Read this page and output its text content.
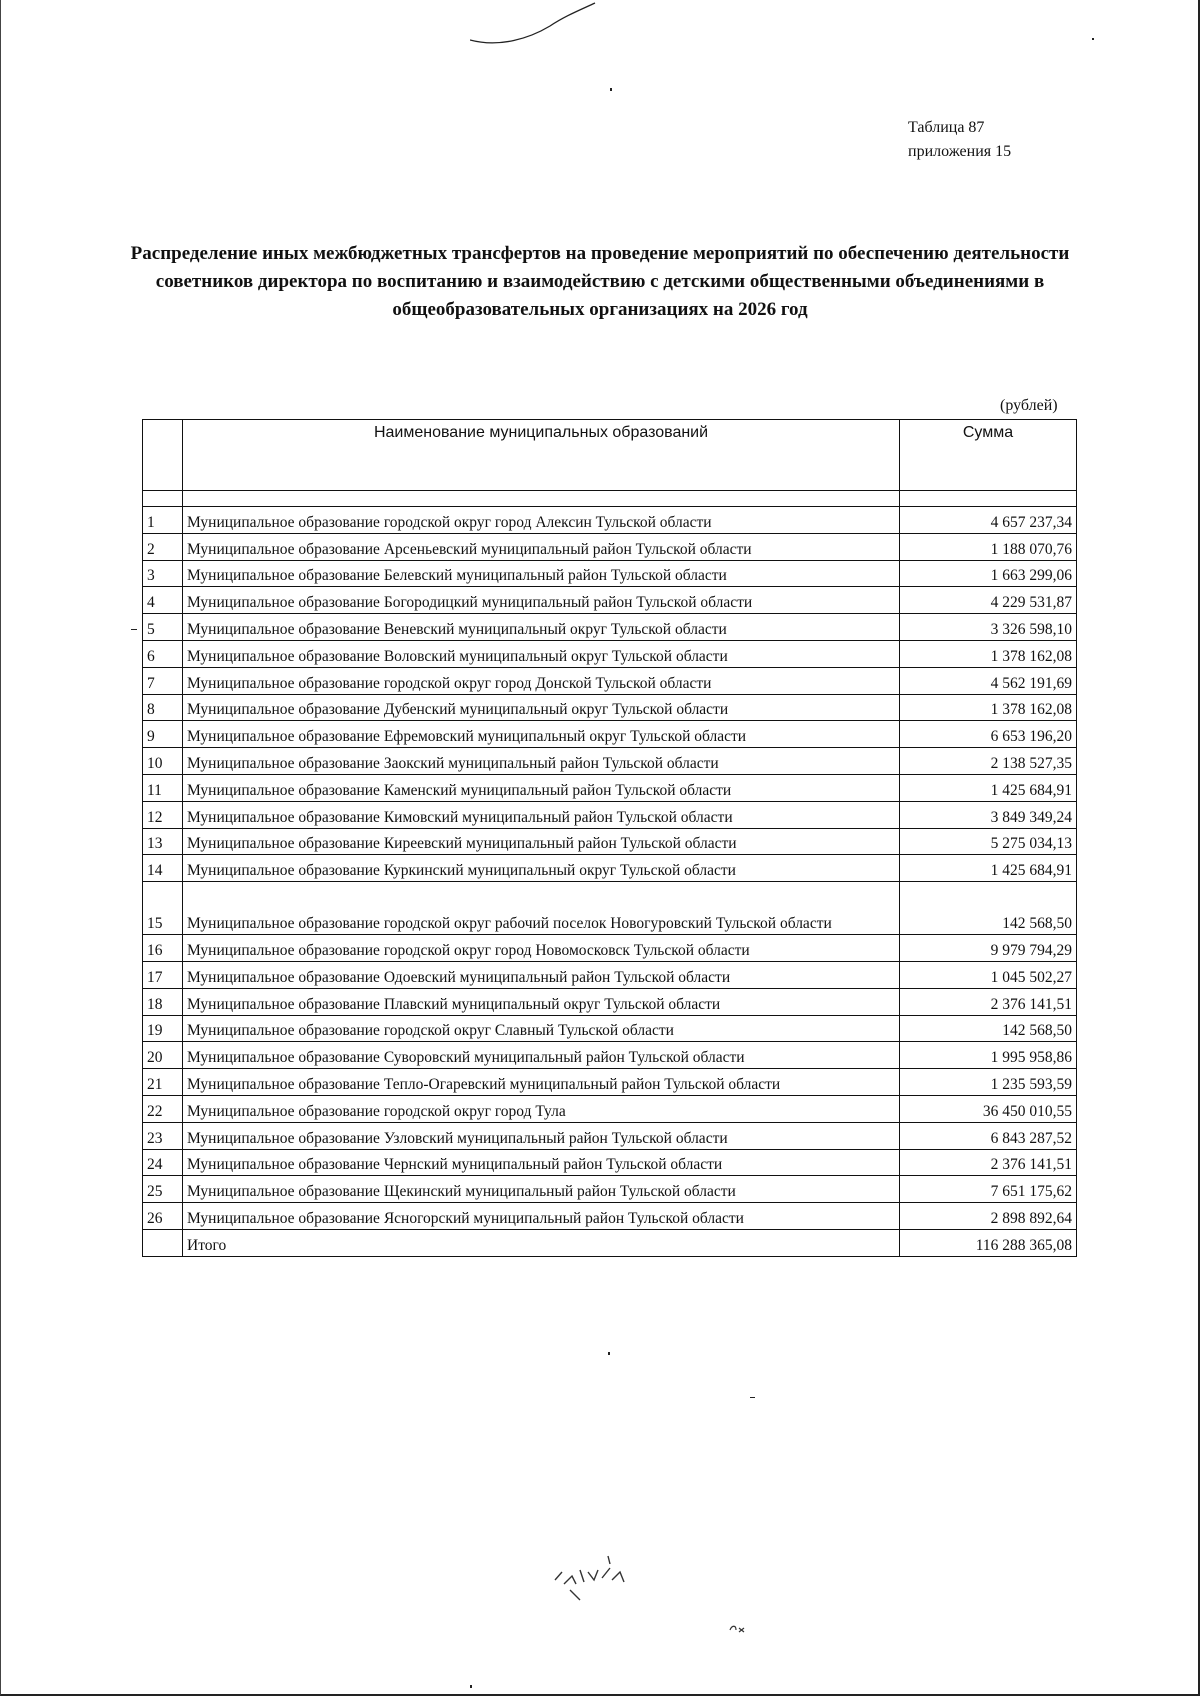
Таблица 87
приложения 15
Распределение иных межбюджетных трансфертов на проведение мероприятий по обеспечению деятельности советников директора по воспитанию и взаимодействию с детскими общественными объединениями в общеобразовательных организациях на 2026 год
(рублей)
	Наименование муниципальных образований	Сумма

1	Муниципальное образование городской округ город Алексин Тульской области	4 657 237,34
2	Муниципальное образование Арсеньевский муниципальный район Тульской области	1 188 070,76
3	Муниципальное образование Белевский муниципальный район Тульской области	1 663 299,06
4	Муниципальное образование Богородицкий муниципальный район Тульской области	4 229 531,87
5	Муниципальное образование Веневский муниципальный округ Тульской области	3 326 598,10
6	Муниципальное образование Воловский муниципальный округ Тульской области	1 378 162,08
7	Муниципальное образование городской округ город Донской Тульской области	4 562 191,69
8	Муниципальное образование Дубенский муниципальный округ Тульской области	1 378 162,08
9	Муниципальное образование Ефремовский муниципальный округ Тульской области	6 653 196,20
10	Муниципальное образование Заокский муниципальный район Тульской области	2 138 527,35
11	Муниципальное образование Каменский муниципальный район Тульской области	1 425 684,91
12	Муниципальное образование Кимовский муниципальный район Тульской области	3 849 349,24
13	Муниципальное образование Киреевский муниципальный район Тульской области	5 275 034,13
14	Муниципальное образование Куркинский муниципальный округ Тульской области	1 425 684,91
15	Муниципальное образование городской округ рабочий поселок Новогуровский Тульской области	142 568,50
16	Муниципальное образование городской округ город Новомосковск Тульской области	9 979 794,29
17	Муниципальное образование Одоевский муниципальный район Тульской области	1 045 502,27
18	Муниципальное образование Плавский муниципальный округ Тульской области	2 376 141,51
19	Муниципальное образование городской округ Славный Тульской области	142 568,50
20	Муниципальное образование Суворовский муниципальный район Тульской области	1 995 958,86
21	Муниципальное образование Тепло-Огаревский муниципальный район Тульской области	1 235 593,59
22	Муниципальное образование городской округ город Тула	36 450 010,55
23	Муниципальное образование Узловский муниципальный район Тульской области	6 843 287,52
24	Муниципальное образование Чернский муниципальный район Тульской области	2 376 141,51
25	Муниципальное образование Щекинский муниципальный район Тульской области	7 651 175,62
26	Муниципальное образование Ясногорский муниципальный район Тульской области	2 898 892,64
	Итого	116 288 365,08
